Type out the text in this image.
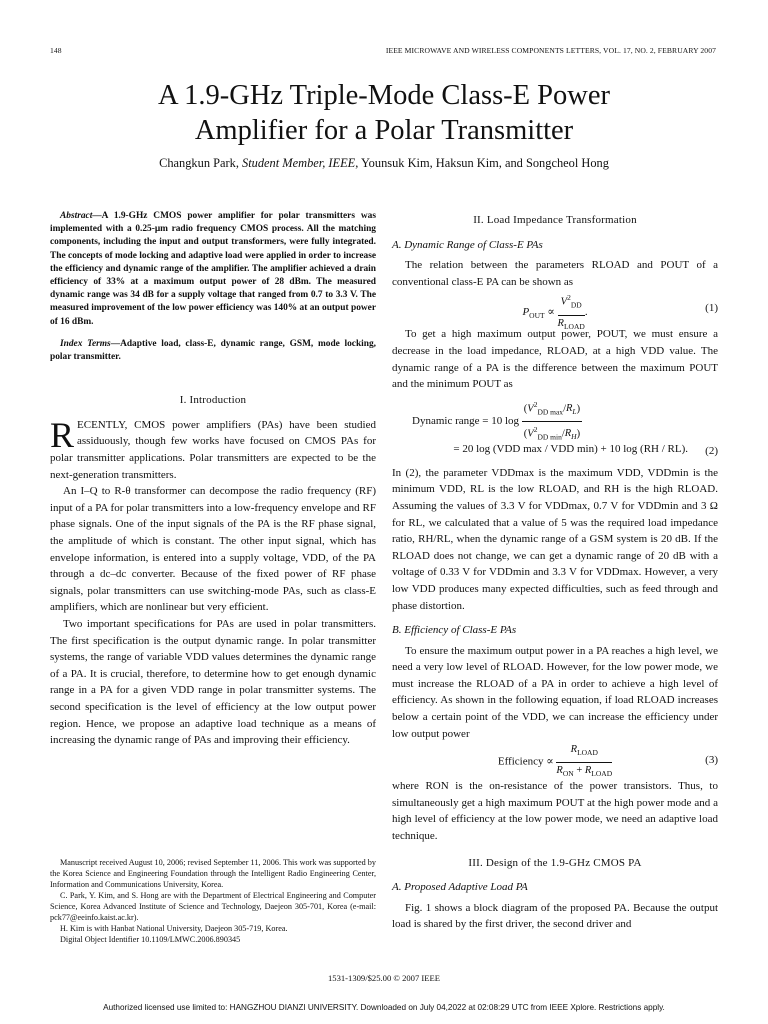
148	IEEE MICROWAVE AND WIRELESS COMPONENTS LETTERS, VOL. 17, NO. 2, FEBRUARY 2007
A 1.9-GHz Triple-Mode Class-E Power
Amplifier for a Polar Transmitter
Changkun Park, Student Member, IEEE, Younsuk Kim, Haksun Kim, and Songcheol Hong

Abstract—A 1.9-GHz CMOS power amplifier for polar transmitters was implemented with a 0.25-μm radio frequency CMOS process. All the matching components, including the input and output transformers, were fully integrated. The concepts of mode locking and adaptive load were applied in order to increase the efficiency and dynamic range of the amplifier. The amplifier achieved a drain efficiency of 33% at a maximum output power of 28 dBm. The measured dynamic range was 34 dB for a supply voltage that ranged from 0.7 to 3.3 V. The measured improvement of the low power efficiency was 140% at an output power of 16 dBm.

Index Terms—Adaptive load, class-E, dynamic range, GSM, mode locking, polar transmitter.

I. Introduction

RECENTLY, CMOS power amplifiers (PAs) have been studied assiduously, though few works have focused on CMOS PAs for polar transmitter applications. Polar transmitters are expected to be the next-generation transmitters.

An I–Q to R-θ transformer can decompose the radio frequency (RF) input of a PA for polar transmitters into a low-frequency envelope and RF phase signals. One of the input signals of the PA is the RF phase signal, the amplitude of which is constant. The other input signal, which has envelope information, is entered into a supply voltage, VDD, of the PA through a dc–dc converter. Because of the fixed power of RF phase signals, polar transmitters can use switching-mode PAs, such as class-E amplifiers, which are nonlinear but very efficient.

Two important specifications for PAs are used in polar transmitters. The first specification is the output dynamic range. In polar transmitter systems, the range of variable VDD values determines the dynamic range of a PA. It is crucial, therefore, to determine how to get enough dynamic range in a PA for a given VDD range in polar transmitter systems. The second specification is the level of efficiency at the low output power region. Hence, we propose an adaptive load technique as a means of increasing the dynamic range of PAs and improving their efficiency.

Manuscript received August 10, 2006; revised September 11, 2006. This work was supported by the Korea Science and Engineering Foundation through the Intelligent Radio Engineering Center, Information and Communications University, Korea.

C. Park, Y. Kim, and S. Hong are with the Department of Electrical Engineering and Computer Science, Korea Advanced Institute of Science and Technology, Daejeon 305-701, Korea (e-mail: pck77@eeinfo.kaist.ac.kr).

H. Kim is with Hanbat National University, Daejeon 305-719, Korea.

Digital Object Identifier 10.1109/LMWC.2006.890345

II. Load Impedance Transformation
A. Dynamic Range of Class-E PAs

The relation between the parameters RLOAD and POUT of a conventional class-E PA can be shown as

$P_{OUT} \propto \frac{V^2_{DD}}{R_{LOAD}}$ .	(1)

To get a high maximum output power, POUT, we must ensure a decrease in the load impedance, RLOAD, at a high VDD value. The dynamic range of a PA is the difference between the maximum POUT and the minimum POUT as

Dynamic range = 10 $\log \frac{(V^2_{DD max}/R_L)}{(V^2_{DD min}/R_H)}$
= 20 log (VDD max / VDD min) + 10 log (RH / RL).	(2)

In (2), the parameter VDDmax is the maximum VDD, VDDmin is the minimum VDD, RL is the low RLOAD, and RH is the high RLOAD. Assuming the values of 3.3 V for VDDmax, 0.7 V for VDDmin and 3 Ω for RL, we calculated that a value of 5 was the required load impedance ratio, RH/RL, when the dynamic range of a GSM system is 20 dB. If the RLOAD does not change, we can get a dynamic range of 20 dB with a voltage of 0.33 V for VDDmin and 3.3 V for VDDmax. However, a very low VDD produces many expected difficulties, such as feed through and phase distortion.

B. Efficiency of Class-E PAs

To ensure the maximum output power in a PA reaches a high level, we need a very low level of RLOAD. However, for the low power mode, we must increase the RLOAD of a PA in order to achieve a high level of efficiency. As shown in the following equation, if load RLOAD increases below a certain point of the VDD, we can increase the efficiency under low output power

Efficiency ∝ $\frac{R_{LOAD}}{R_{ON} + R_{LOAD}}$	(3)

where RON is the on-resistance of the power transistors. Thus, to simultaneously get a high maximum POUT at the high power mode and a high level of efficiency at the low power mode, we need an adaptive load technique.

III. Design of the 1.9-GHz CMOS PA
A. Proposed Adaptive Load PA

Fig. 1 shows a block diagram of the proposed PA. Because the output load is shared by the first driver, the second driver and

1531-1309/$25.00 © 2007 IEEE
Authorized licensed use limited to: HANGZHOU DIANZI UNIVERSITY. Downloaded on July 04,2022 at 02:08:29 UTC from IEEE Xplore. Restrictions apply.
